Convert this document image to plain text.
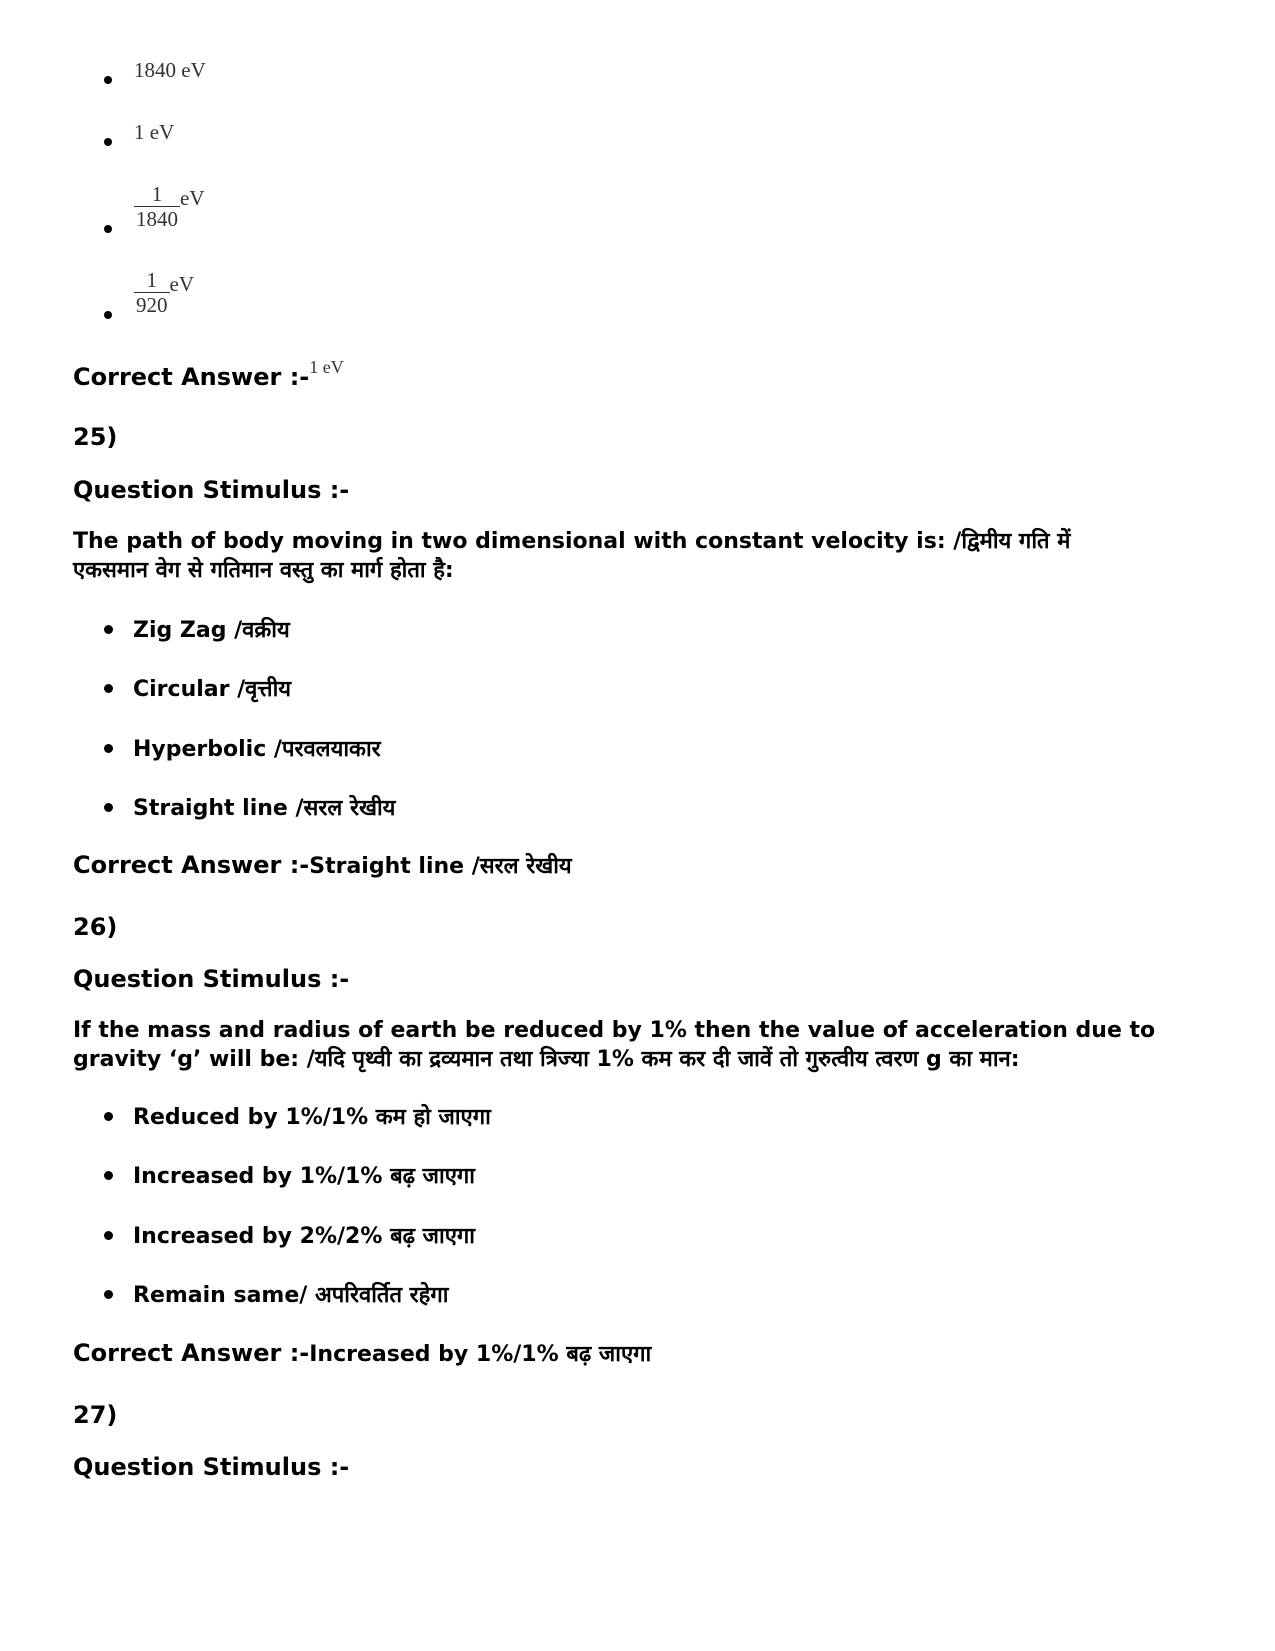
1840 eV
1 eV
$\frac{1}{1840}$ eV
$\frac{1}{920}$ eV
Correct Answer :-$^{1 eV}$
25)
Question Stimulus :-
The path of body moving in two dimensional with constant velocity is: /द्विमीय गति में
एकसमान वेग से गतिमान वस्तु का मार्ग होता है:
Zig Zag /वक्रीय
Circular /वृत्तीय
Hyperbolic /परवलयाकार
Straight line /सरल रेखीय
Correct Answer :-Straight line /सरल रेखीय
26)
Question Stimulus :-
If the mass and radius of earth be reduced by 1% then the value of acceleration due to
gravity ‘g’ will be: /यदि पृथ्वी का द्रव्यमान तथा त्रिज्या 1% कम कर दी जावें तो गुरुत्वीय त्वरण g का मान:
Reduced by 1%/1% कम हो जाएगा
Increased by 1%/1% बढ़ जाएगा
Increased by 2%/2% बढ़ जाएगा
Remain same/ अपरिवर्तित रहेगा
Correct Answer :-Increased by 1%/1% बढ़ जाएगा
27)
Question Stimulus :-
